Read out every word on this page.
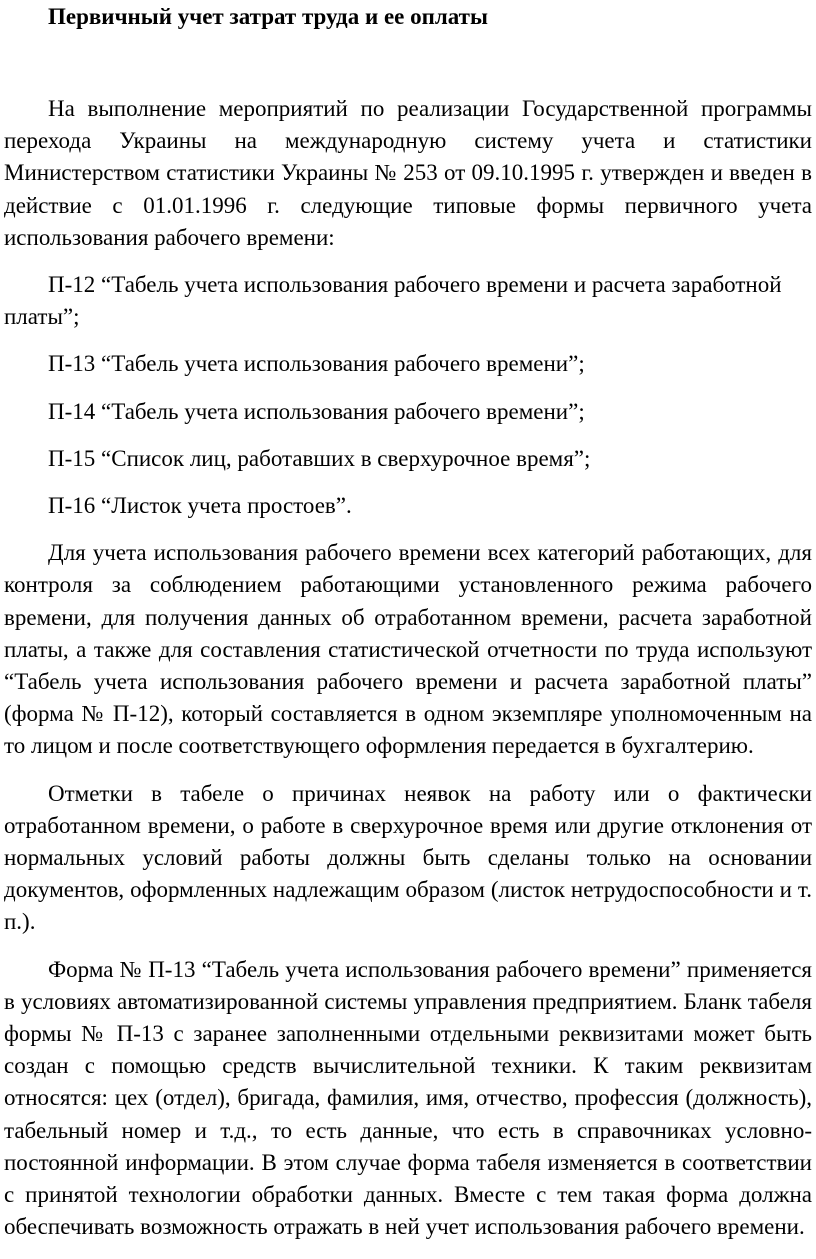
Первичный учет затрат труда и ее оплаты

На выполнение мероприятий по реализации Государственной программы перехода Украины на международную систему учета и статистики Министерством статистики Украины № 253 от 09.10.1995 г. утвержден и введен в действие с 01.01.1996 г. следующие типовые формы первичного учета использования рабочего времени:

П-12 “Табель учета использования рабочего времени и расчета заработной платы”;

П-13 “Табель учета использования рабочего времени”;

П-14 “Табель учета использования рабочего времени”;

П-15 “Список лиц, работавших в сверхурочное время”;

П-16 “Листок учета простоев”.

Для учета использования рабочего времени всех категорий работающих, для контроля за соблюдением работающими установленного режима рабочего времени, для получения данных об отработанном времени, расчета заработной платы, а также для составления статистической отчетности по труда используют “Табель учета использования рабочего времени и расчета заработной платы” (форма № П-12), который составляется в одном экземпляре уполномоченным на то лицом и после соответствующего оформления передается в бухгалтерию.

Отметки в табеле о причинах неявок на работу или о фактически отработанном времени, о работе в сверхурочное время или другие отклонения от нормальных условий работы должны быть сделаны только на основании документов, оформленных надлежащим образом (листок нетрудоспособности и т. п.).

Форма № П-13 “Табель учета использования рабочего времени” применяется в условиях автоматизированной системы управления предприятием. Бланк табеля формы № П-13 с заранее заполненными отдельными реквизитами может быть создан с помощью средств вычислительной техники. К таким реквизитам относятся: цех (отдел), бригада, фамилия, имя, отчество, профессия (должность), табельный номер и т.д., то есть данные, что есть в справочниках условно-постоянной информации. В этом случае форма табеля изменяется в соответствии с принятой технологии обработки данных. Вместе с тем такая форма должна обеспечивать возможность отражать в ней учет использования рабочего времени.
